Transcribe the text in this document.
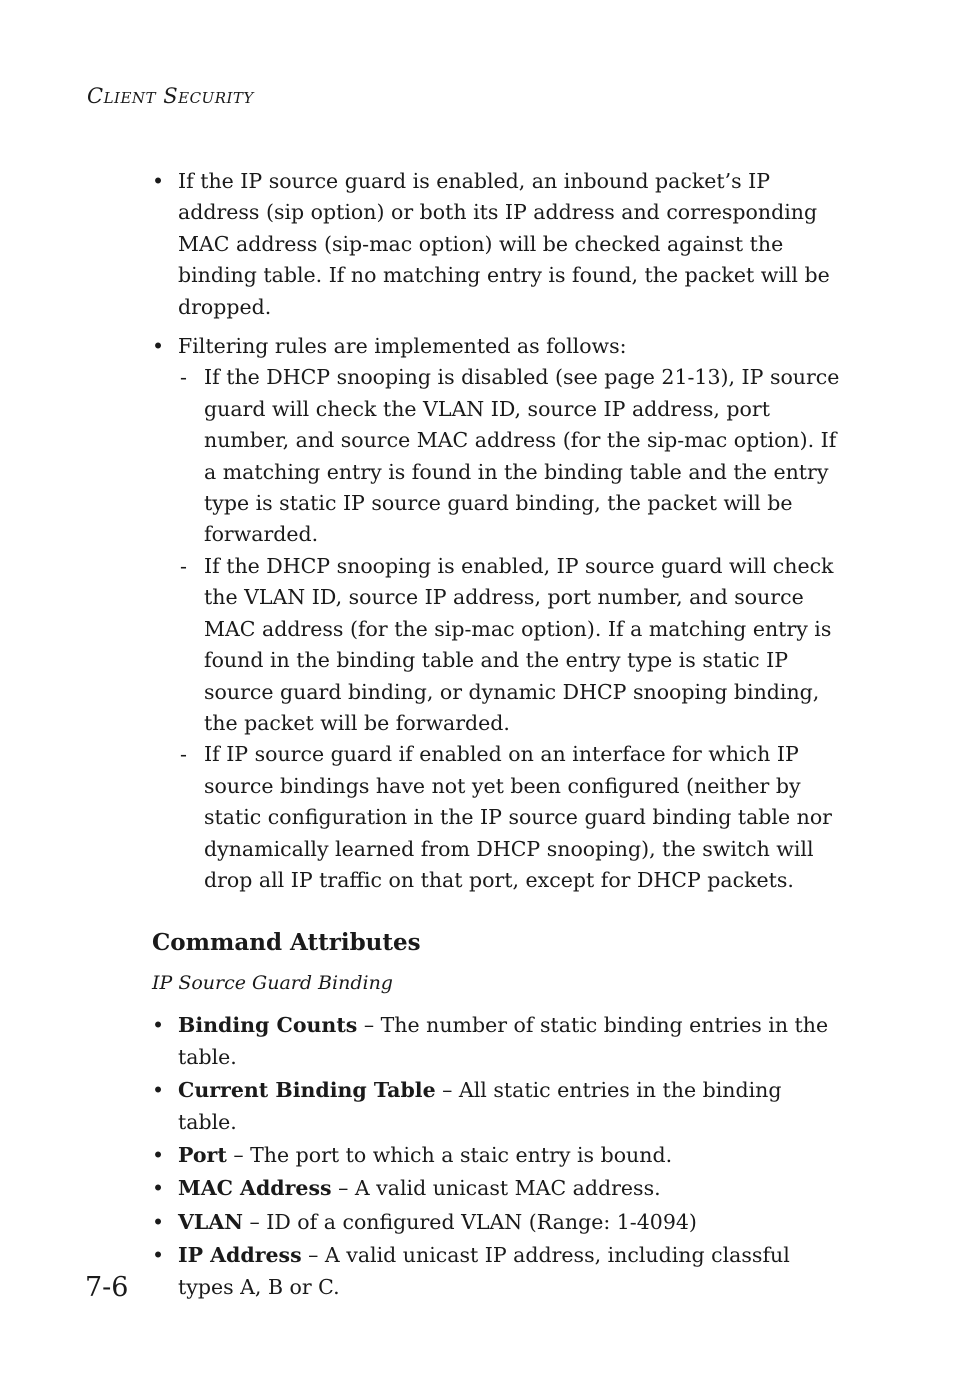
CLIENT SECURITY
• If the IP source guard is enabled, an inbound packet’s IP address (sip option) or both its IP address and corresponding MAC address (sip-mac option) will be checked against the binding table. If no matching entry is found, the packet will be dropped.
• Filtering rules are implemented as follows:
- If the DHCP snooping is disabled (see page 21-13), IP source guard will check the VLAN ID, source IP address, port number, and source MAC address (for the sip-mac option). If a matching entry is found in the binding table and the entry type is static IP source guard binding, the packet will be forwarded.
- If the DHCP snooping is enabled, IP source guard will check the VLAN ID, source IP address, port number, and source MAC address (for the sip-mac option). If a matching entry is found in the binding table and the entry type is static IP source guard binding, or dynamic DHCP snooping binding, the packet will be forwarded.
- If IP source guard if enabled on an interface for which IP source bindings have not yet been configured (neither by static configuration in the IP source guard binding table nor dynamically learned from DHCP snooping), the switch will drop all IP traffic on that port, except for DHCP packets.
Command Attributes
IP Source Guard Binding
• Binding Counts – The number of static binding entries in the table.
• Current Binding Table – All static entries in the binding table.
• Port – The port to which a staic entry is bound.
• MAC Address – A valid unicast MAC address.
• VLAN – ID of a configured VLAN (Range: 1-4094)
• IP Address – A valid unicast IP address, including classful types A, B or C.
7-6
